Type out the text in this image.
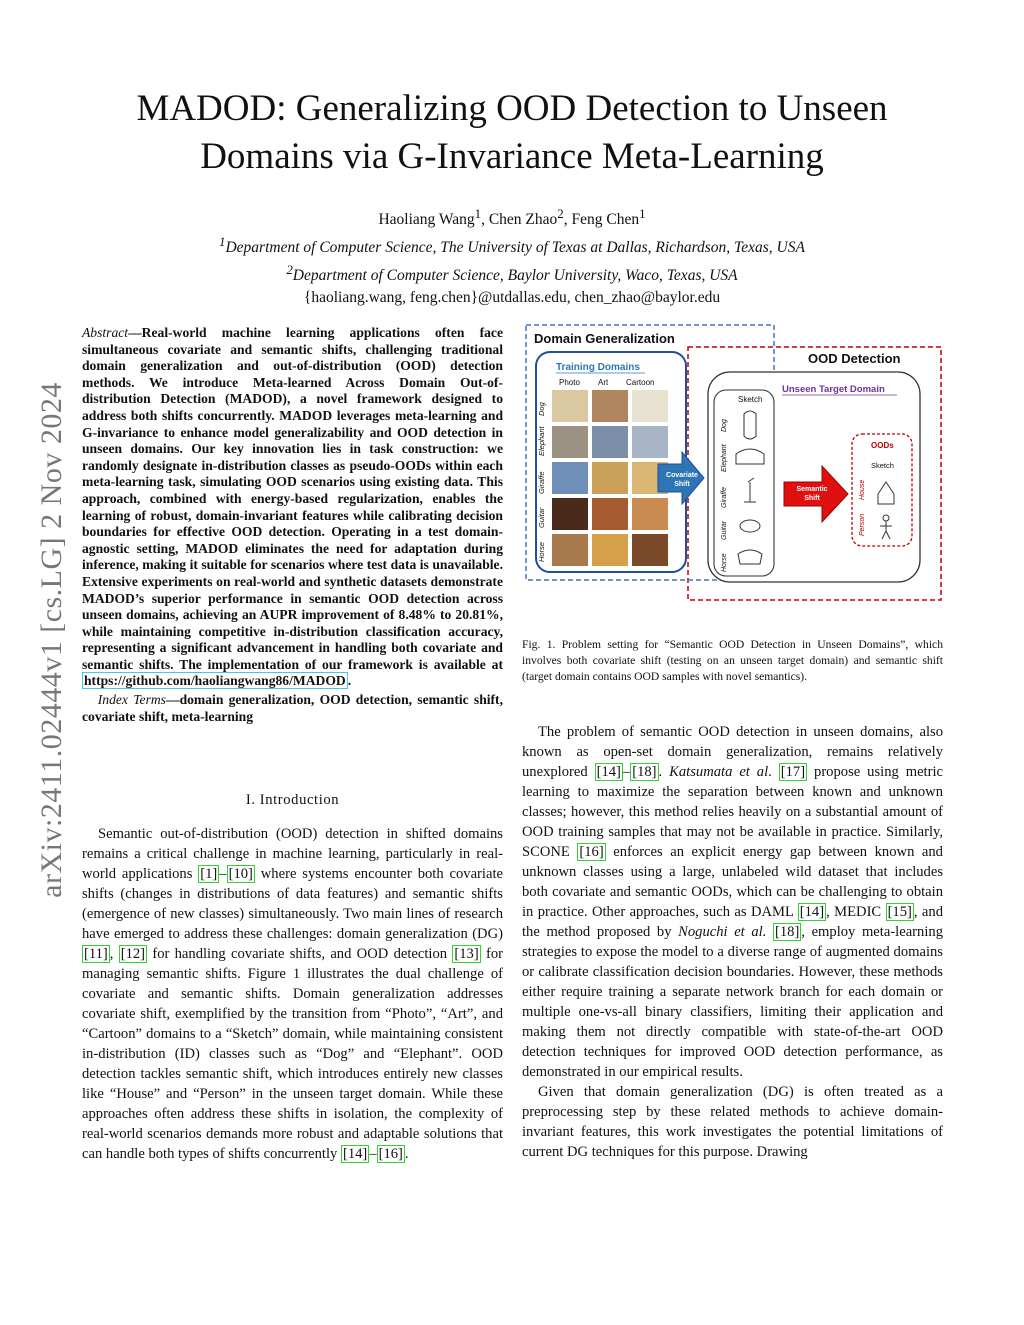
arXiv:2411.02444v1 [cs.LG] 2 Nov 2024
MADOD: Generalizing OOD Detection to Unseen
Domains via G-Invariance Meta-Learning
Haoliang Wang$^1$, Chen Zhao$^2$, Feng Chen$^1$
$^1$Department of Computer Science, The University of Texas at Dallas, Richardson, Texas, USA
$^2$Department of Computer Science, Baylor University, Waco, Texas, USA
{haoliang.wang, feng.chen}@utdallas.edu, chen_zhao@baylor.edu
Abstract—Real-world machine learning applications often face simultaneous covariate and semantic shifts, challenging traditional domain generalization and out-of-distribution (OOD) detection methods. We introduce Meta-learned Across Domain Out-of-distribution Detection (MADOD), a novel framework designed to address both shifts concurrently. MADOD leverages meta-learning and G-invariance to enhance model generalizability and OOD detection in unseen domains. Our key innovation lies in task construction: we randomly designate in-distribution classes as pseudo-OODs within each meta-learning task, simulating OOD scenarios using existing data. This approach, combined with energy-based regularization, enables the learning of robust, domain-invariant features while calibrating decision boundaries for effective OOD detection. Operating in a test domain-agnostic setting, MADOD eliminates the need for adaptation during inference, making it suitable for scenarios where test data is unavailable. Extensive experiments on real-world and synthetic datasets demonstrate MADOD’s superior performance in semantic OOD detection across unseen domains, achieving an AUPR improvement of 8.48% to 20.81%, while maintaining competitive in-distribution classification accuracy, representing a significant advancement in handling both covariate and semantic shifts. The implementation of our framework is available at https://github.com/haoliangwang86/MADOD .
Index Terms—domain generalization, OOD detection, semantic shift, covariate shift, meta-learning
I. Introduction

Semantic out-of-distribution (OOD) detection in shifted domains remains a critical challenge in machine learning, particularly in real-world applications [1] – [10] where systems encounter both covariate shifts (changes in distributions of data features) and semantic shifts (emergence of new classes) simultaneously. Two main lines of research have emerged to address these challenges: domain generalization (DG) [11] , [12] for handling covariate shifts, and OOD detection [13] for managing semantic shifts. Figure 1 illustrates the dual challenge of covariate and semantic shifts. Domain generalization addresses covariate shift, exemplified by the transition from “Photo”, “Art”, and “Cartoon” domains to a “Sketch” domain, while maintaining consistent in-distribution (ID) classes such as “Dog” and “Elephant”. OOD detection tackles semantic shift, which introduces entirely new classes like “House” and “Person” in the unseen target domain. While these approaches often address these shifts in isolation, the complexity of real-world scenarios demands more robust and adaptable solutions that can handle both types of shifts concurrently [14] – [16] .

Domain Generalization
OOD Detection
Training Domains
Photo Art Cartoon
Dog
Elephant
Giraffe
Guitar
Horse
Covariate
Shift
Unseen Target Domain
Sketch
Dog
Elephant
Giraffe
Guitar
Horse
Semantic
Shift
OODs
Sketch
House
Person
Fig. 1. Problem setting for “Semantic OOD Detection in Unseen Domains”, which involves both covariate shift (testing on an unseen target domain) and semantic shift (target domain contains OOD samples with novel semantics).

The problem of semantic OOD detection in unseen domains, also known as open-set domain generalization, remains relatively unexplored [14] – [18] . Katsumata et al. [17] propose using metric learning to maximize the separation between known and unknown classes; however, this method relies heavily on a substantial amount of OOD training samples that may not be available in practice. Similarly, SCONE [16] enforces an explicit energy gap between known and unknown classes using a large, unlabeled wild dataset that includes both covariate and semantic OODs, which can be challenging to obtain in practice. Other approaches, such as DAML [14] , MEDIC [15] , and the method proposed by Noguchi et al. [18] , employ meta-learning strategies to expose the model to a diverse range of augmented domains or calibrate classification decision boundaries. However, these methods either require training a separate network branch for each domain or multiple one-vs-all binary classifiers, limiting their application and making them not directly compatible with state-of-the-art OOD detection techniques for improved OOD detection performance, as demonstrated in our empirical results.

Given that domain generalization (DG) is often treated as a preprocessing step by these related methods to achieve domain-invariant features, this work investigates the potential limitations of current DG techniques for this purpose. Drawing
